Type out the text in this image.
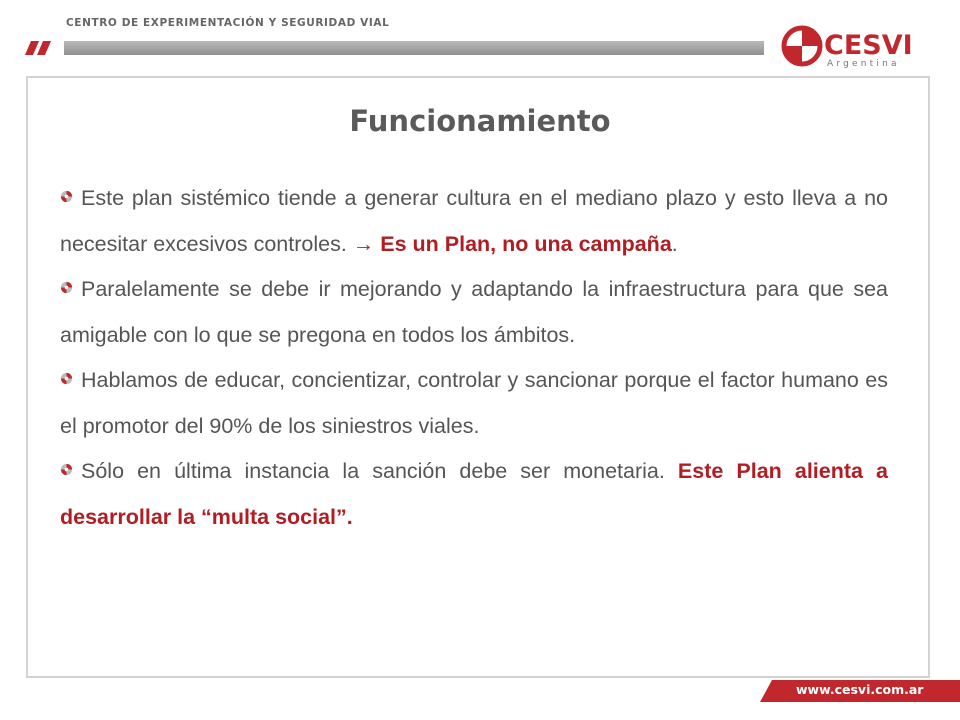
CENTRO DE EXPERIMENTACIÓN Y SEGURIDAD VIAL
CESVI
Argentina
Funcionamiento

Este plan sistémico tiende a generar cultura en el mediano plazo y esto lleva a no necesitar excesivos controles. → Es un Plan, no una campaña.

Paralelamente se debe ir mejorando y adaptando la infraestructura para que sea amigable con lo que se pregona en todos los ámbitos.

Hablamos de educar, concientizar, controlar y sancionar porque el factor humano es el promotor del 90% de los siniestros viales.

Sólo en última instancia la sanción debe ser monetaria. Este Plan alienta a desarrollar la “multa social”.

www.cesvi.com.ar
